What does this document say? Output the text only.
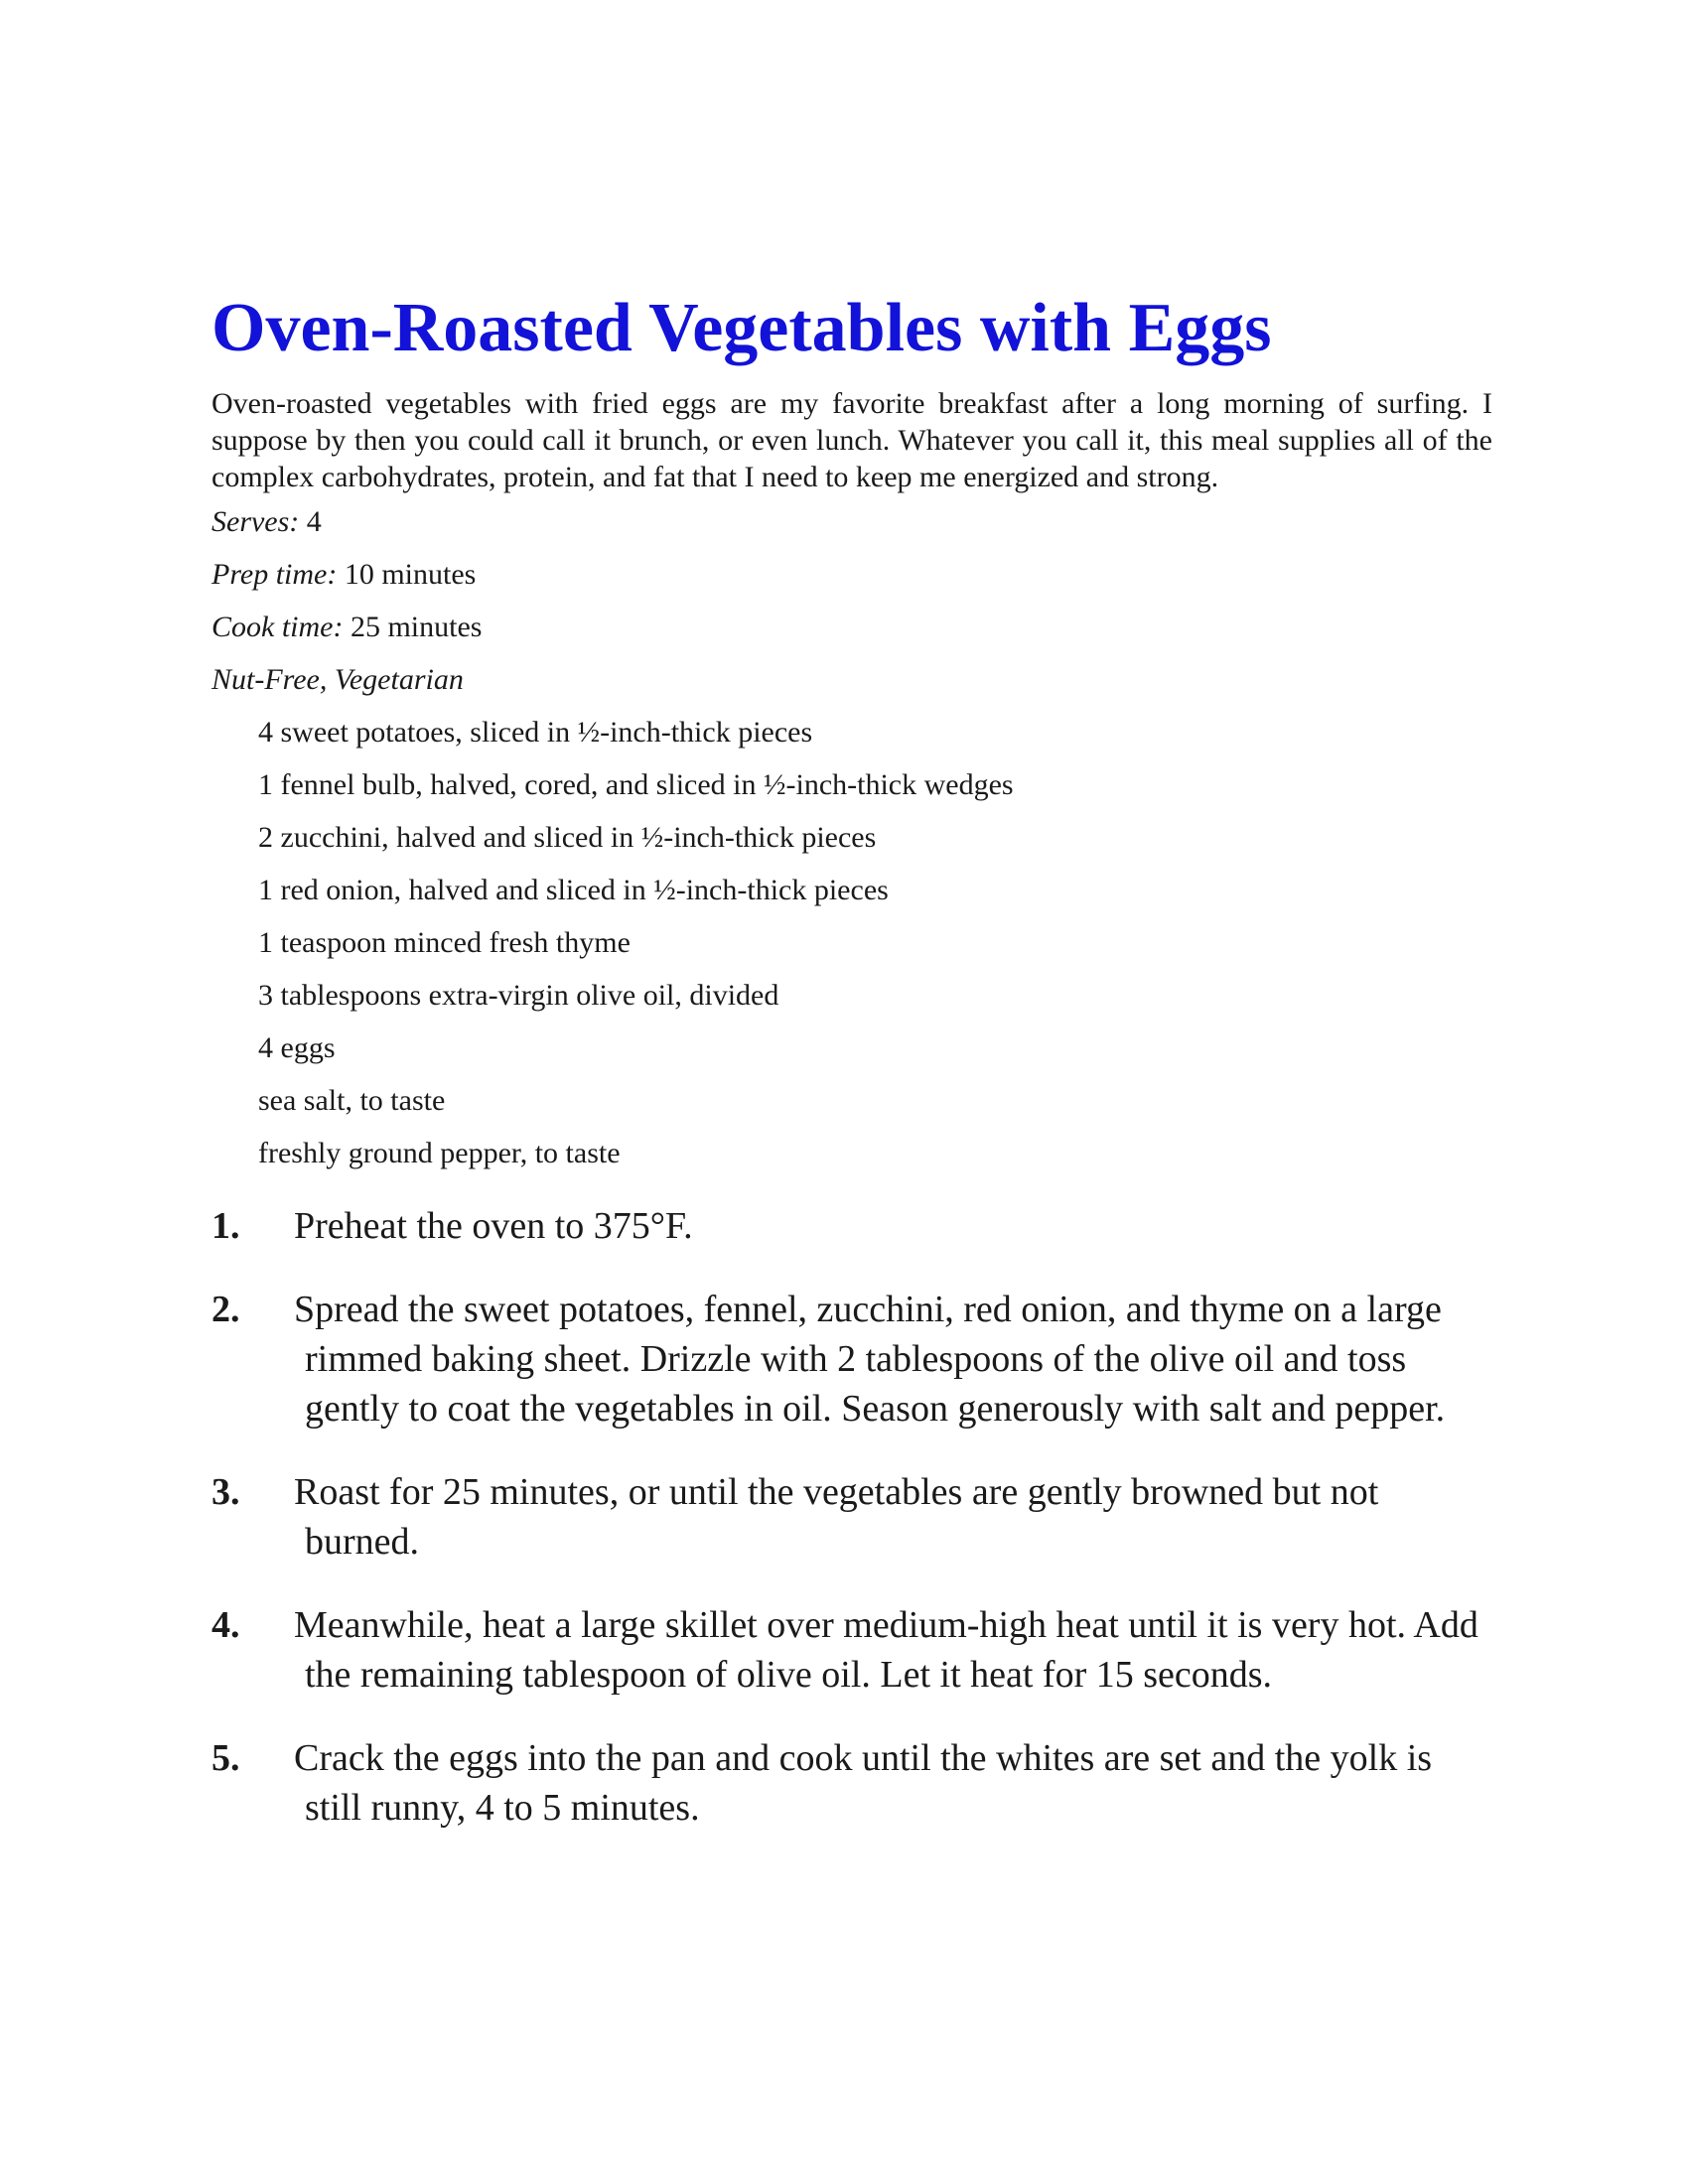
Oven-Roasted Vegetables with Eggs

Oven-roasted vegetables with fried eggs are my favorite breakfast after a long morning of surfing. I suppose by then you could call it brunch, or even lunch. Whatever you call it, this meal supplies all of the complex carbohydrates, protein, and fat that I need to keep me energized and strong.

Serves: 4

Prep time: 10 minutes

Cook time: 25 minutes

Nut-Free, Vegetarian

4 sweet potatoes, sliced in ½-inch-thick pieces
1 fennel bulb, halved, cored, and sliced in ½-inch-thick wedges
2 zucchini, halved and sliced in ½-inch-thick pieces
1 red onion, halved and sliced in ½-inch-thick pieces
1 teaspoon minced fresh thyme
3 tablespoons extra-virgin olive oil, divided
4 eggs
sea salt, to taste
freshly ground pepper, to taste
1. Preheat the oven to 375°F.
2. Spread the sweet potatoes, fennel, zucchini, red onion, and thyme on a large rimmed baking sheet. Drizzle with 2 tablespoons of the olive oil and toss gently to coat the vegetables in oil. Season generously with salt and pepper.
3. Roast for 25 minutes, or until the vegetables are gently browned but not burned.
4. Meanwhile, heat a large skillet over medium-high heat until it is very hot. Add the remaining tablespoon of olive oil. Let it heat for 15 seconds.
5. Crack the eggs into the pan and cook until the whites are set and the yolk is still runny, 4 to 5 minutes.
